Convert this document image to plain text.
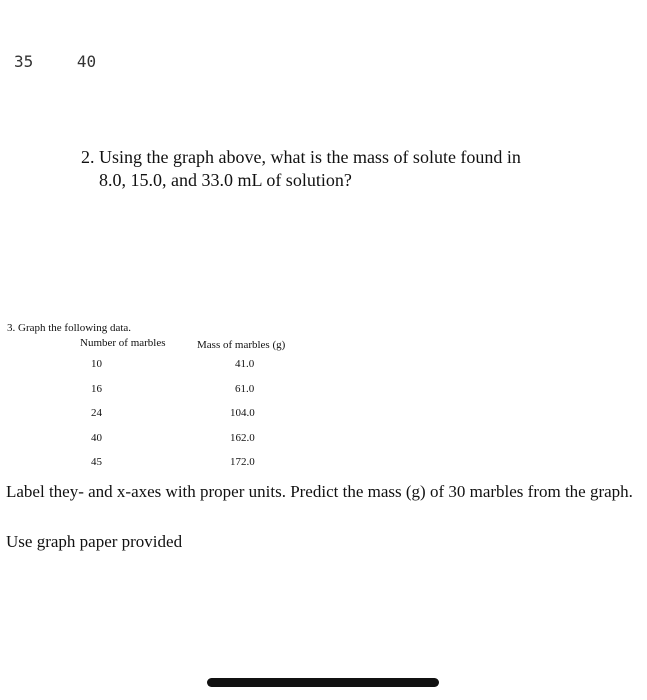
35	40
2. Using the graph above, what is the mass of solute found in
8.0, 15.0, and 33.0 mL of solution?
3. Graph the following data.
Number of marbles	Mass of marbles (g)
10	41.0
16	61.0
24	104.0
40	162.0
45	172.0
Label they- and x-axes with proper units. Predict the mass (g) of 30 marbles from the graph.
Use graph paper provided
